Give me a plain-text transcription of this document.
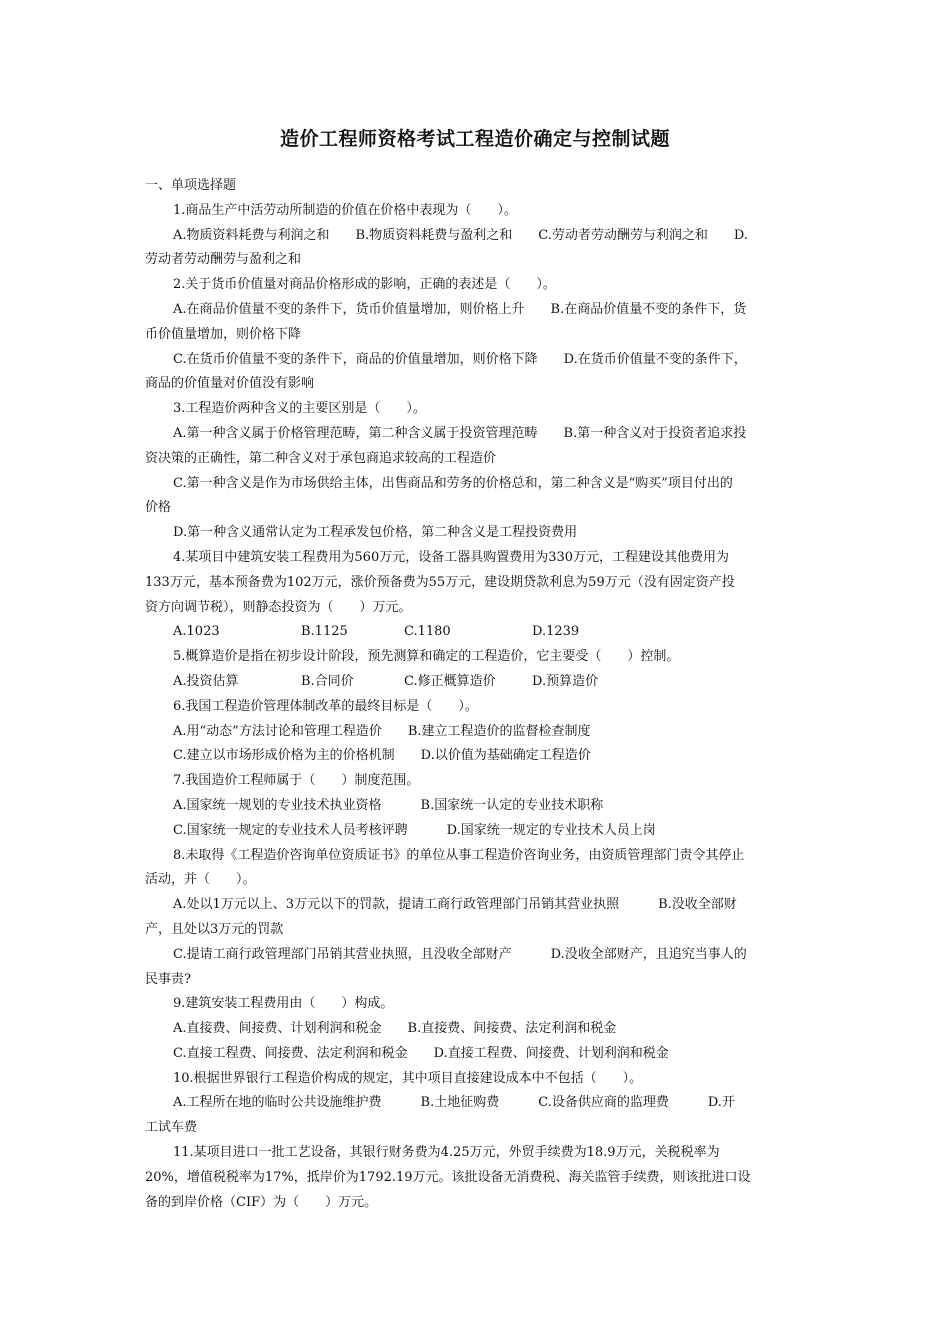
造价工程师资格考试工程造价确定与控制试题
一、单项选择题
1.商品生产中活劳动所制造的价值在价格中表现为（　　）。
A.物质资料耗费与利润之和　　B.物质资料耗费与盈利之和　　C.劳动者劳动酬劳与利润之和　　D.
劳动者劳动酬劳与盈利之和
2.关于货币价值量对商品价格形成的影响，正确的表述是（　　）。
A.在商品价值量不变的条件下，货币价值量增加，则价格上升　　B.在商品价值量不变的条件下，货
币价值量增加，则价格下降
C.在货币价值量不变的条件下，商品的价值量增加，则价格下降　　D.在货币价值量不变的条件下，
商品的价值量对价值没有影响
3.工程造价两种含义的主要区别是（　　）。
A.第一种含义属于价格管理范畴，第二种含义属于投资管理范畴　　B.第一种含义对于投资者追求投
资决策的正确性，第二种含义对于承包商追求较高的工程造价
C.第一种含义是作为市场供给主体，出售商品和劳务的价格总和，第二种含义是“购买”项目付出的
价格
D.第一种含义通常认定为工程承发包价格，第二种含义是工程投资费用
4.某项目中建筑安装工程费用为560万元，设备工器具购置费用为330万元，工程建设其他费用为
133万元，基本预备费为102万元，涨价预备费为55万元，建设期贷款利息为59万元（没有固定资产投
资方向调节税），则静态投资为（　　）万元。
A.1023	B.1125	C.1180	D.1239
5.概算造价是指在初步设计阶段，预先测算和确定的工程造价，它主要受（　　）控制。
A.投资估算	B.合同价	C.修正概算造价	D.预算造价
6.我国工程造价管理体制改革的最终目标是（　　）。
A.用“动态”方法讨论和管理工程造价　　B.建立工程造价的监督检查制度
C.建立以市场形成价格为主的价格机制　　D.以价值为基础确定工程造价
7.我国造价工程师属于（　　）制度范围。
A.国家统一规划的专业技术执业资格　　　B.国家统一认定的专业技术职称
C.国家统一规定的专业技术人员考核评聘　　　D.国家统一规定的专业技术人员上岗
8.未取得《工程造价咨询单位资质证书》的单位从事工程造价咨询业务，由资质管理部门责令其停止
活动，并（　　）。
A.处以1万元以上、3万元以下的罚款，提请工商行政管理部门吊销其营业执照　　　B.没收全部财
产，且处以3万元的罚款
C.提请工商行政管理部门吊销其营业执照，且没收全部财产　　　D.没收全部财产，且追究当事人的
民事责?
9.建筑安装工程费用由（　　）构成。
A.直接费、间接费、计划利润和税金　　B.直接费、间接费、法定利润和税金
C.直接工程费、间接费、法定利润和税金　　D.直接工程费、间接费、计划利润和税金
10.根据世界银行工程造价构成的规定，其中项目直接建设成本中不包括（　　）。
A.工程所在地的临时公共设施维护费　　　B.土地征购费　　　C.设备供应商的监理费　　　D.开
工试车费
11.某项目进口一批工艺设备，其银行财务费为4.25万元，外贸手续费为18.9万元，关税税率为
20%，增值税税率为17%，抵岸价为1792.19万元。该批设备无消费税、海关监管手续费，则该批进口设
备的到岸价格（CIF）为（　　）万元。
